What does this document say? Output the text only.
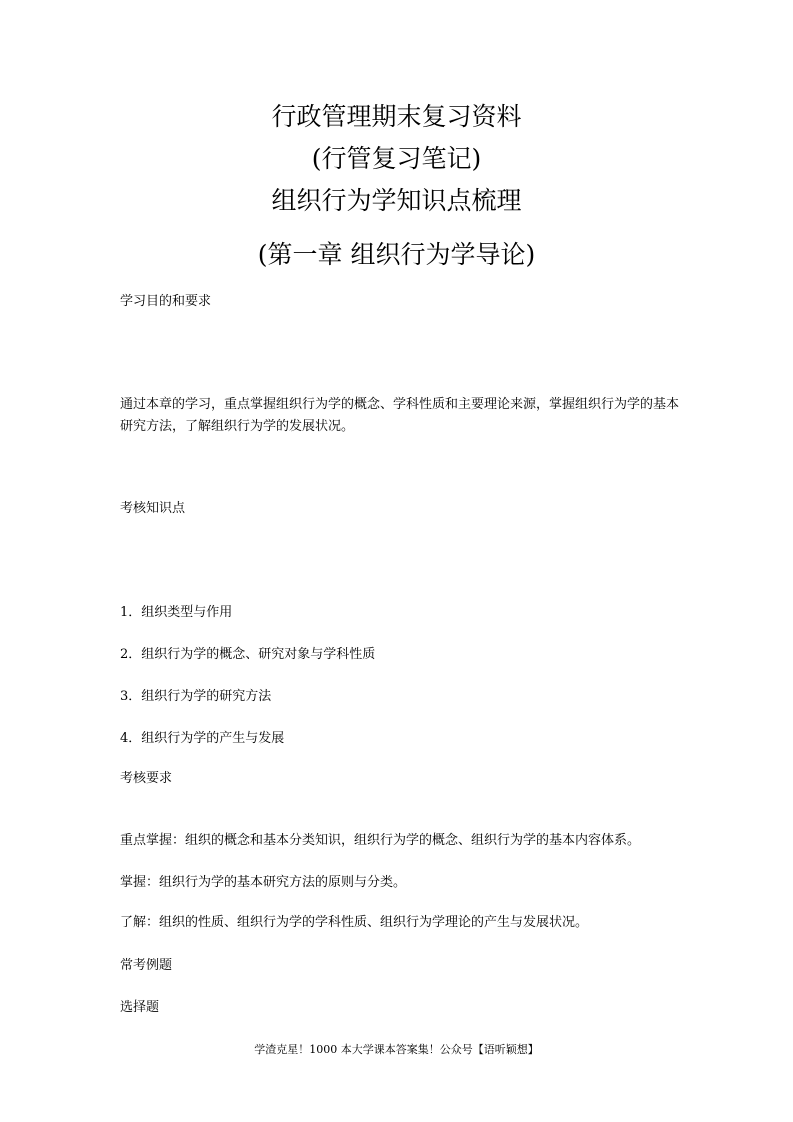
行政管理期末复习资料
(行管复习笔记)
组织行为学知识点梳理
(第一章 组织行为学导论)
学习目的和要求
通过本章的学习，重点掌握组织行为学的概念、学科性质和主要理论来源，掌握组织行为学的基本研究方法，了解组织行为学的发展状况。
考核知识点
1．组织类型与作用
2．组织行为学的概念、研究对象与学科性质
3．组织行为学的研究方法
4．组织行为学的产生与发展
考核要求
重点掌握：组织的概念和基本分类知识，组织行为学的概念、组织行为学的基本内容体系。
掌握：组织行为学的基本研究方法的原则与分类。
了解：组织的性质、组织行为学的学科性质、组织行为学理论的产生与发展状况。
常考例题
选择题
学渣克星！1000 本大学课本答案集！公众号【语听颖想】
